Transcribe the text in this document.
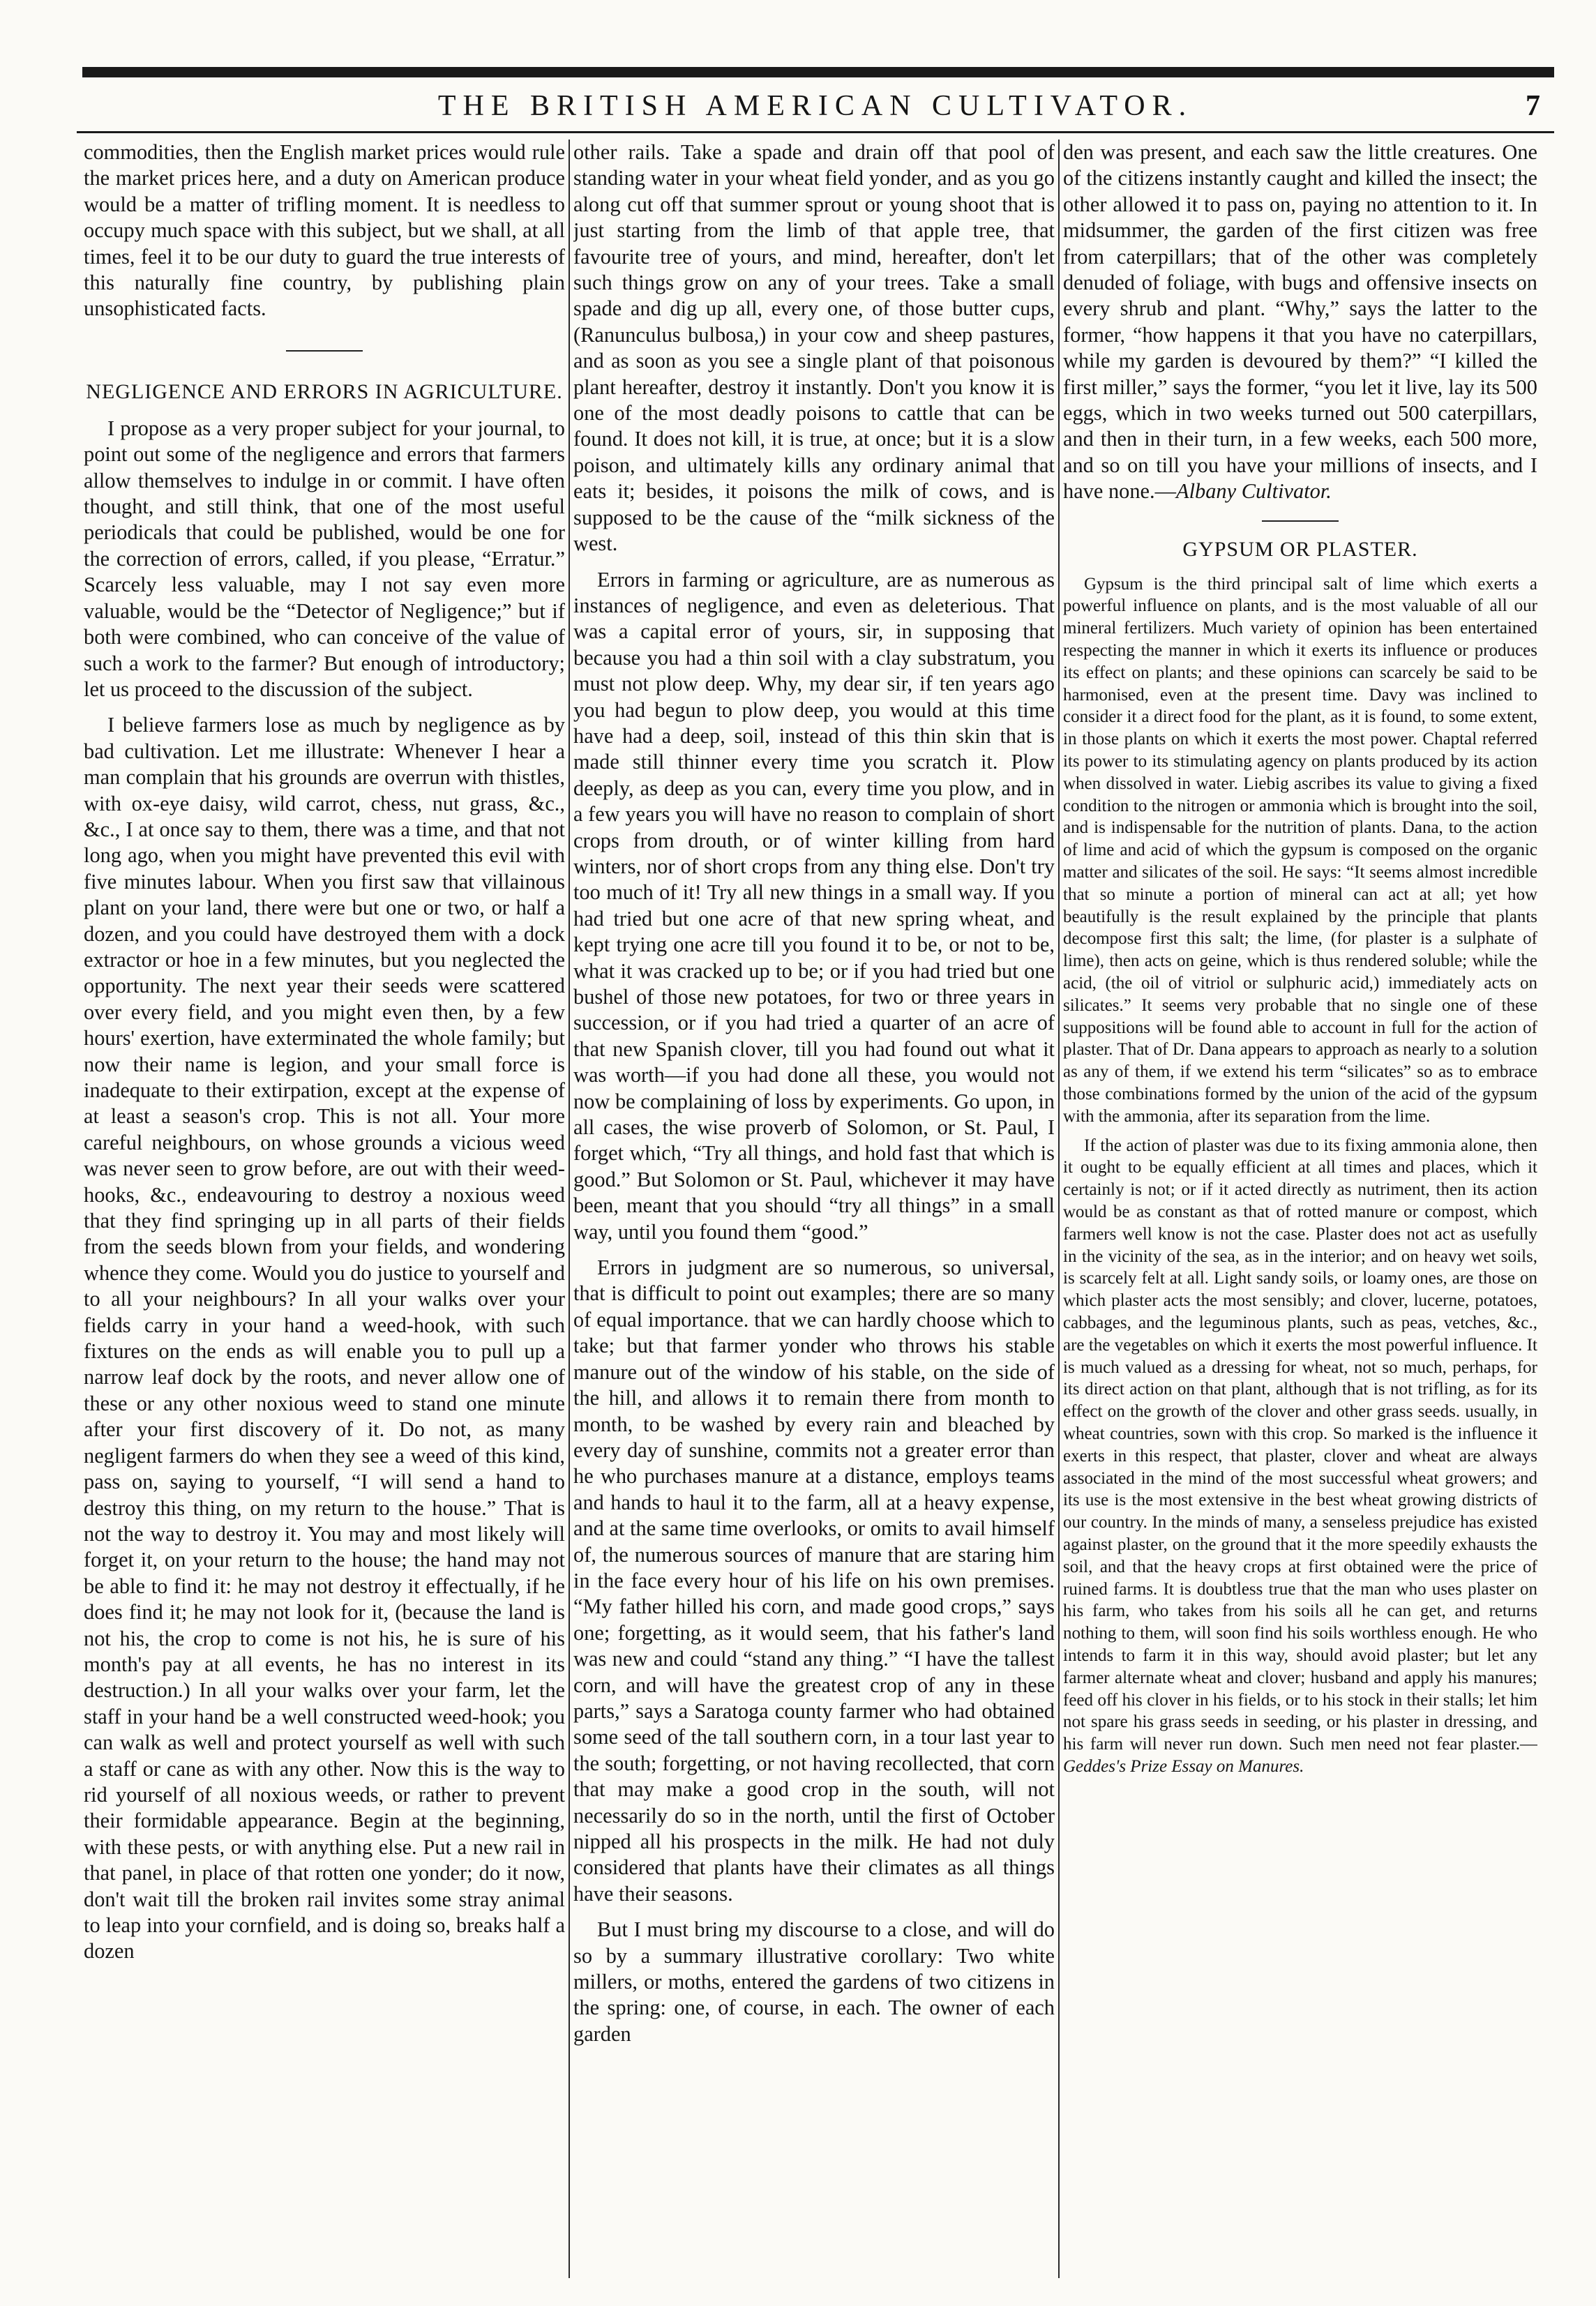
THE BRITISH AMERICAN CULTIVATOR.	7

commodities, then the English market prices would rule the market prices here, and a duty on American produce would be a matter of trifling moment. It is needless to occupy much space with this subject, but we shall, at all times, feel it to be our duty to guard the true interests of this naturally fine country, by publishing plain unsophisticated facts.

NEGLIGENCE AND ERRORS IN AGRICULTURE.

I propose as a very proper subject for your journal, to point out some of the negligence and errors that farmers allow themselves to indulge in or commit. I have often thought, and still think, that one of the most useful periodicals that could be published, would be one for the correction of errors, called, if you please, “Erratur.” Scarcely less valuable, may I not say even more valuable, would be the “Detector of Negligence;” but if both were combined, who can conceive of the value of such a work to the farmer? But enough of introductory; let us proceed to the discussion of the subject.

I believe farmers lose as much by negligence as by bad cultivation. Let me illustrate: Whenever I hear a man complain that his grounds are overrun with thistles, with ox-eye daisy, wild carrot, chess, nut grass, &c., &c., I at once say to them, there was a time, and that not long ago, when you might have prevented this evil with five minutes labour. When you first saw that villainous plant on your land, there were but one or two, or half a dozen, and you could have destroyed them with a dock extractor or hoe in a few minutes, but you neglected the opportunity. The next year their seeds were scattered over every field, and you might even then, by a few hours' exertion, have exterminated the whole family; but now their name is legion, and your small force is inadequate to their extirpation, except at the expense of at least a season's crop. This is not all. Your more careful neighbours, on whose grounds a vicious weed was never seen to grow before, are out with their weed-hooks, &c., endeavouring to destroy a noxious weed that they find springing up in all parts of their fields from the seeds blown from your fields, and wondering whence they come. Would you do justice to yourself and to all your neighbours? In all your walks over your fields carry in your hand a weed-hook, with such fixtures on the ends as will enable you to pull up a narrow leaf dock by the roots, and never allow one of these or any other noxious weed to stand one minute after your first discovery of it. Do not, as many negligent farmers do when they see a weed of this kind, pass on, saying to yourself, “I will send a hand to destroy this thing, on my return to the house.” That is not the way to destroy it. You may and most likely will forget it, on your return to the house; the hand may not be able to find it: he may not destroy it effectually, if he does find it; he may not look for it, (because the land is not his, the crop to come is not his, he is sure of his month's pay at all events, he has no interest in its destruction.) In all your walks over your farm, let the staff in your hand be a well constructed weed-hook; you can walk as well and protect yourself as well with such a staff or cane as with any other. Now this is the way to rid yourself of all noxious weeds, or rather to prevent their formidable appearance. Begin at the beginning, with these pests, or with anything else. Put a new rail in that panel, in place of that rotten one yonder; do it now, don't wait till the broken rail invites some stray animal to leap into your cornfield, and is doing so, breaks half a dozen

other rails. Take a spade and drain off that pool of standing water in your wheat field yonder, and as you go along cut off that summer sprout or young shoot that is just starting from the limb of that apple tree, that favourite tree of yours, and mind, hereafter, don't let such things grow on any of your trees. Take a small spade and dig up all, every one, of those butter cups, (Ranunculus bulbosa,) in your cow and sheep pastures, and as soon as you see a single plant of that poisonous plant hereafter, destroy it instantly. Don't you know it is one of the most deadly poisons to cattle that can be found. It does not kill, it is true, at once; but it is a slow poison, and ultimately kills any ordinary animal that eats it; besides, it poisons the milk of cows, and is supposed to be the cause of the “milk sickness of the west.

Errors in farming or agriculture, are as numerous as instances of negligence, and even as deleterious. That was a capital error of yours, sir, in supposing that because you had a thin soil with a clay substratum, you must not plow deep. Why, my dear sir, if ten years ago you had begun to plow deep, you would at this time have had a deep, soil, instead of this thin skin that is made still thinner every time you scratch it. Plow deeply, as deep as you can, every time you plow, and in a few years you will have no reason to complain of short crops from drouth, or of winter killing from hard winters, nor of short crops from any thing else. Don't try too much of it! Try all new things in a small way. If you had tried but one acre of that new spring wheat, and kept trying one acre till you found it to be, or not to be, what it was cracked up to be; or if you had tried but one bushel of those new potatoes, for two or three years in succession, or if you had tried a quarter of an acre of that new Spanish clover, till you had found out what it was worth—if you had done all these, you would not now be complaining of loss by experiments. Go upon, in all cases, the wise proverb of Solomon, or St. Paul, I forget which, “Try all things, and hold fast that which is good.” But Solomon or St. Paul, whichever it may have been, meant that you should “try all things” in a small way, until you found them “good.”

Errors in judgment are so numerous, so universal, that is difficult to point out examples; there are so many of equal importance. that we can hardly choose which to take; but that farmer yonder who throws his stable manure out of the window of his stable, on the side of the hill, and allows it to remain there from month to month, to be washed by every rain and bleached by every day of sunshine, commits not a greater error than he who purchases manure at a distance, employs teams and hands to haul it to the farm, all at a heavy expense, and at the same time overlooks, or omits to avail himself of, the numerous sources of manure that are staring him in the face every hour of his life on his own premises. “My father hilled his corn, and made good crops,” says one; forgetting, as it would seem, that his father's land was new and could “stand any thing.” “I have the tallest corn, and will have the greatest crop of any in these parts,” says a Saratoga county farmer who had obtained some seed of the tall southern corn, in a tour last year to the south; forgetting, or not having recollected, that corn that may make a good crop in the south, will not necessarily do so in the north, until the first of October nipped all his prospects in the milk. He had not duly considered that plants have their climates as all things have their seasons.

But I must bring my discourse to a close, and will do so by a summary illustrative corollary: Two white millers, or moths, entered the gardens of two citizens in the spring: one, of course, in each. The owner of each garden

den was present, and each saw the little creatures. One of the citizens instantly caught and killed the insect; the other allowed it to pass on, paying no attention to it. In midsummer, the garden of the first citizen was free from caterpillars; that of the other was completely denuded of foliage, with bugs and offensive insects on every shrub and plant. “Why,” says the latter to the former, “how happens it that you have no caterpillars, while my garden is devoured by them?” “I killed the first miller,” says the former, “you let it live, lay its 500 eggs, which in two weeks turned out 500 caterpillars, and then in their turn, in a few weeks, each 500 more, and so on till you have your millions of insects, and I have none.—Albany Cultivator.

GYPSUM OR PLASTER.

Gypsum is the third principal salt of lime which exerts a powerful influence on plants, and is the most valuable of all our mineral fertilizers. Much variety of opinion has been entertained respecting the manner in which it exerts its influence or produces its effect on plants; and these opinions can scarcely be said to be harmonised, even at the present time. Davy was inclined to consider it a direct food for the plant, as it is found, to some extent, in those plants on which it exerts the most power. Chaptal referred its power to its stimulating agency on plants produced by its action when dissolved in water. Liebig ascribes its value to giving a fixed condition to the nitrogen or ammonia which is brought into the soil, and is indispensable for the nutrition of plants. Dana, to the action of lime and acid of which the gypsum is composed on the organic matter and silicates of the soil. He says: “It seems almost incredible that so minute a portion of mineral can act at all; yet how beautifully is the result explained by the principle that plants decompose first this salt; the lime, (for plaster is a sulphate of lime), then acts on geine, which is thus rendered soluble; while the acid, (the oil of vitriol or sulphuric acid,) immediately acts on silicates.” It seems very probable that no single one of these suppositions will be found able to account in full for the action of plaster. That of Dr. Dana appears to approach as nearly to a solution as any of them, if we extend his term “silicates” so as to embrace those combinations formed by the union of the acid of the gypsum with the ammonia, after its separation from the lime.

If the action of plaster was due to its fixing ammonia alone, then it ought to be equally efficient at all times and places, which it certainly is not; or if it acted directly as nutriment, then its action would be as constant as that of rotted manure or compost, which farmers well know is not the case. Plaster does not act as usefully in the vicinity of the sea, as in the interior; and on heavy wet soils, is scarcely felt at all. Light sandy soils, or loamy ones, are those on which plaster acts the most sensibly; and clover, lucerne, potatoes, cabbages, and the leguminous plants, such as peas, vetches, &c., are the vegetables on which it exerts the most powerful influence. It is much valued as a dressing for wheat, not so much, perhaps, for its direct action on that plant, although that is not trifling, as for its effect on the growth of the clover and other grass seeds. usually, in wheat countries, sown with this crop. So marked is the influence it exerts in this respect, that plaster, clover and wheat are always associated in the mind of the most successful wheat growers; and its use is the most extensive in the best wheat growing districts of our country. In the minds of many, a senseless prejudice has existed against plaster, on the ground that it the more speedily exhausts the soil, and that the heavy crops at first obtained were the price of ruined farms. It is doubtless true that the man who uses plaster on his farm, who takes from his soils all he can get, and returns nothing to them, will soon find his soils worthless enough. He who intends to farm it in this way, should avoid plaster; but let any farmer alternate wheat and clover; husband and apply his manures; feed off his clover in his fields, or to his stock in their stalls; let him not spare his grass seeds in seeding, or his plaster in dressing, and his farm will never run down. Such men need not fear plaster.—Geddes's Prize Essay on Manures.
